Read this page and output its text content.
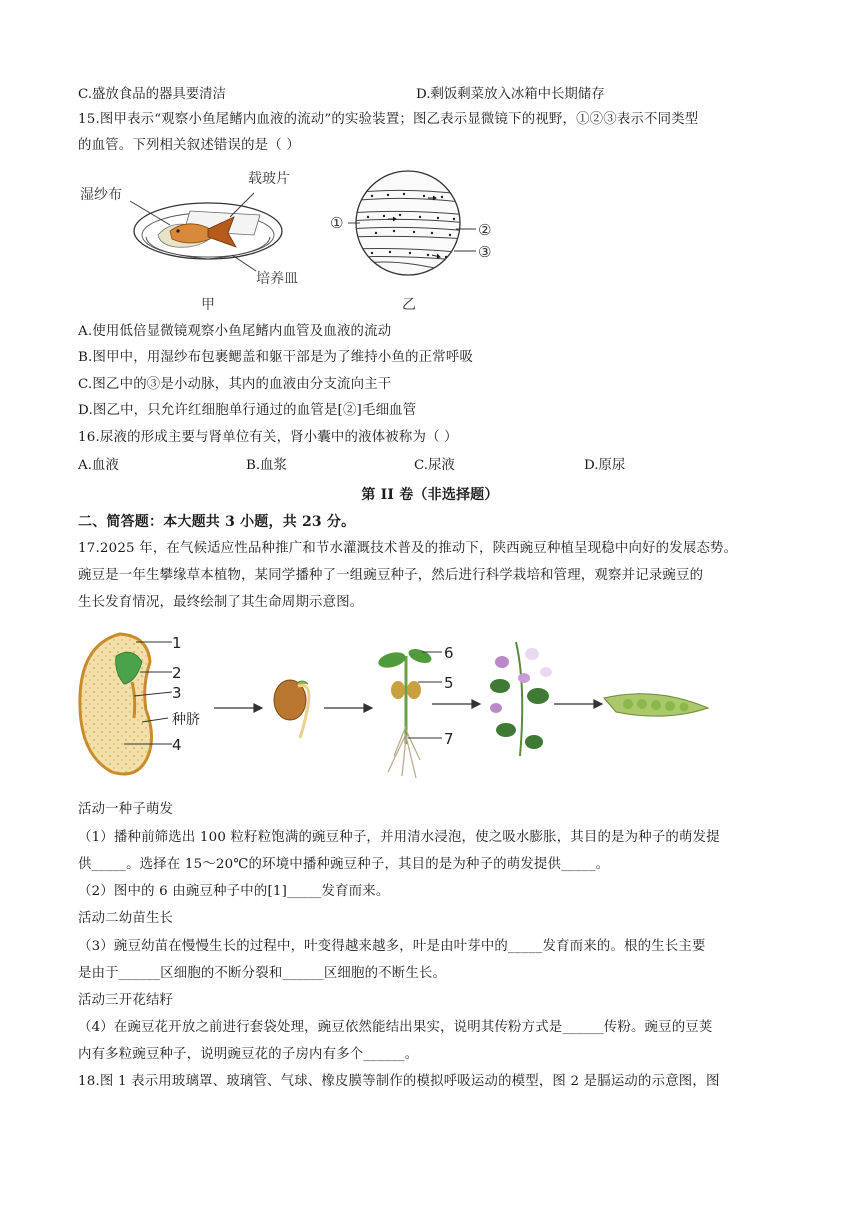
C.盛放食品的器具要清洁	D.剩饭剩菜放入冰箱中长期储存
15.图甲表示“观察小鱼尾鳍内血液的流动”的实验装置；图乙表示显微镜下的视野，①②③表示不同类型
的血管。下列相关叙述错误的是（ ）
湿纱布
载玻片
培养皿
甲
①	②
③
乙
A.使用低倍显微镜观察小鱼尾鳍内血管及血液的流动
B.图甲中，用湿纱布包裹鳃盖和躯干部是为了维持小鱼的正常呼吸
C.图乙中的③是小动脉，其内的血液由分支流向主干
D.图乙中，只允许红细胞单行通过的血管是[②]毛细血管
16.尿液的形成主要与肾单位有关，肾小囊中的液体被称为（ ）
A.血液	B.血浆	C.尿液	D.原尿
第 II 卷（非选择题）
二、简答题：本大题共 3 小题，共 23 分。
17.2025 年，在气候适应性品种推广和节水灌溉技术普及的推动下，陕西豌豆种植呈现稳中向好的发展态势。
豌豆是一年生攀缘草本植物，某同学播种了一组豌豆种子，然后进行科学栽培和管理，观察并记录豌豆的
生长发育情况，最终绘制了其生命周期示意图。
1
2
3
种脐
4
6
5
7
活动一种子萌发
（1）播种前筛选出 100 粒籽粒饱满的豌豆种子，并用清水浸泡，使之吸水膨胀，其目的是为种子的萌发提
供_____。选择在 15～20℃的环境中播种豌豆种子，其目的是为种子的萌发提供_____。
（2）图中的 6 由豌豆种子中的[1]_____发育而来。
活动二幼苗生长
（3）豌豆幼苗在慢慢生长的过程中，叶变得越来越多，叶是由叶芽中的_____发育而来的。根的生长主要
是由于______区细胞的不断分裂和______区细胞的不断生长。
活动三开花结籽
（4）在豌豆花开放之前进行套袋处理，豌豆依然能结出果实，说明其传粉方式是______传粉。豌豆的豆荚
内有多粒豌豆种子，说明豌豆花的子房内有多个______。
18.图 1 表示用玻璃罩、玻璃管、气球、橡皮膜等制作的模拟呼吸运动的模型，图 2 是膈运动的示意图，图
